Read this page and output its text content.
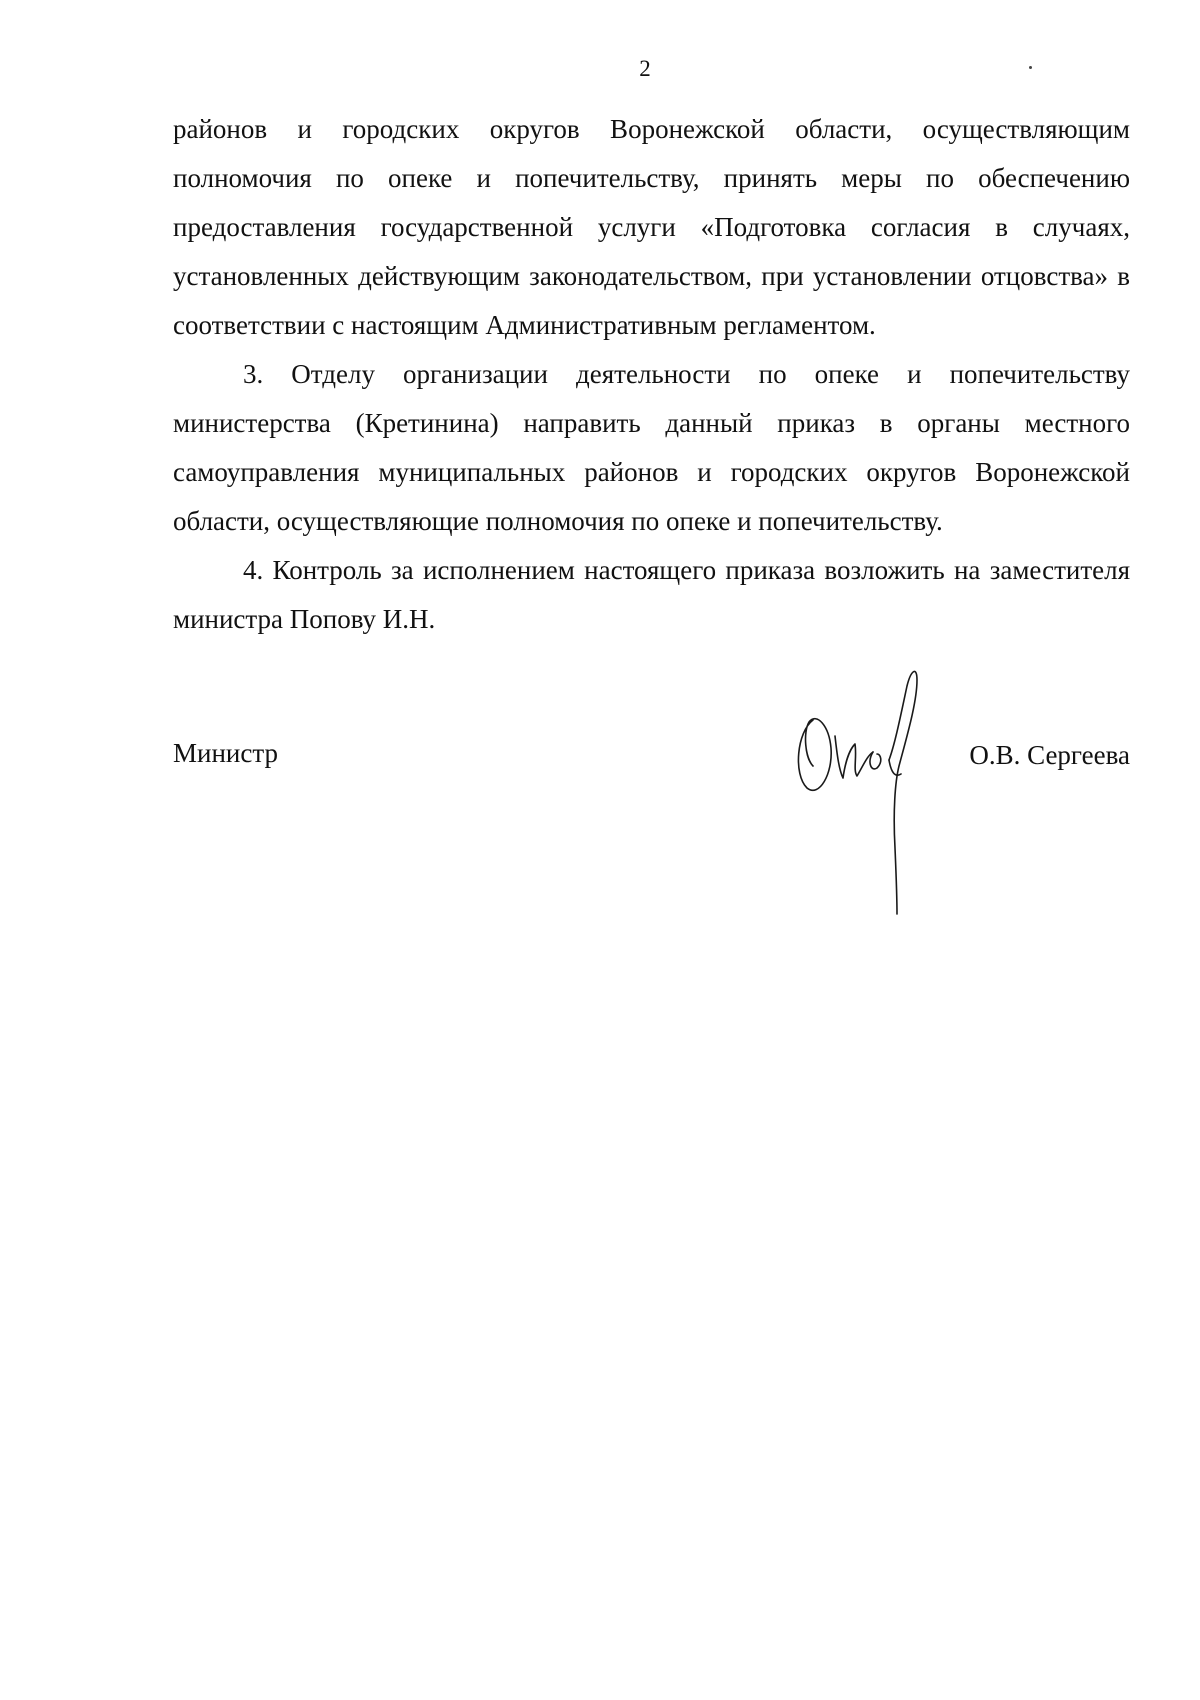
2

районов и городских округов Воронежской области, осуществляющим полномочия по опеке и попечительству, принять меры по обеспечению предоставления государственной услуги «Подготовка согласия в случаях, установленных действующим законодательством, при установлении отцовства» в соответствии с настоящим Административным регламентом.

3. Отделу организации деятельности по опеке и попечительству министерства (Кретинина) направить данный приказ в органы местного самоуправления муниципальных районов и городских округов Воронежской области, осуществляющие полномочия по опеке и попечительству.

4. Контроль за исполнением настоящего приказа возложить на заместителя министра Попову И.Н.

Министр	О.В. Сергеева
